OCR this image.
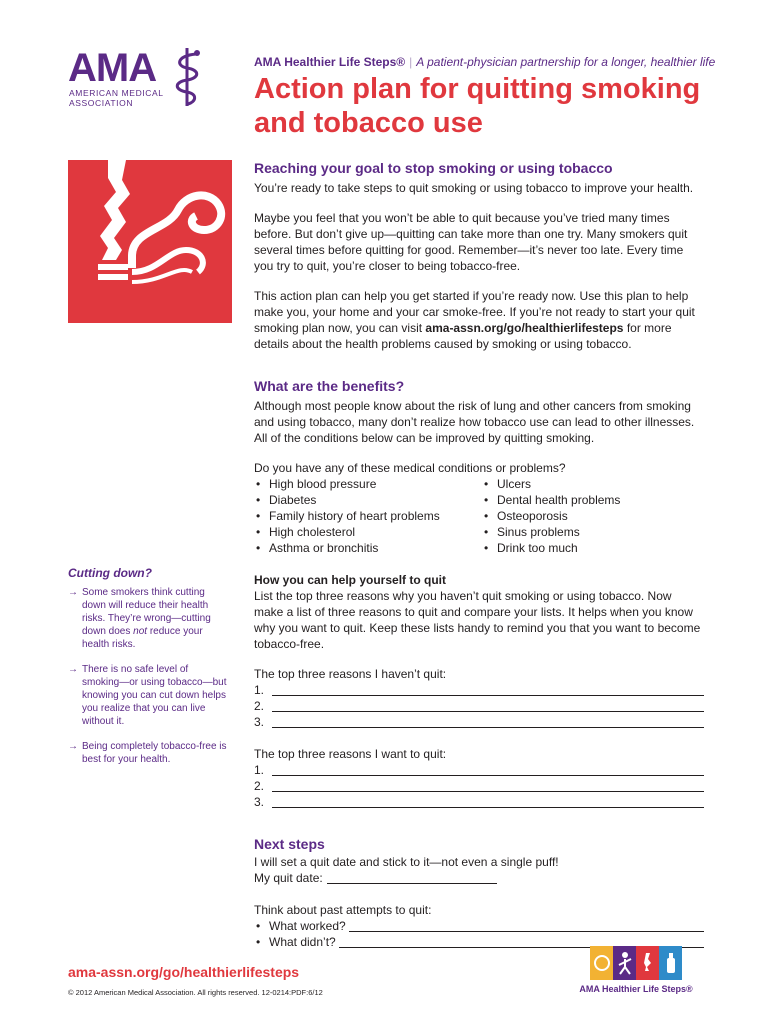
AMA
AMERICAN MEDICAL
ASSOCIATION
AMA Healthier Life Steps® | A patient-physician partnership for a longer, healthier life
Action plan for quitting smoking
and tobacco use
Reaching your goal to stop smoking or using tobacco

You’re ready to take steps to quit smoking or using tobacco to improve your health.

Maybe you feel that you won’t be able to quit because you’ve tried many times before. But don’t give up—quitting can take more than one try. Many smokers quit several times before quitting for good. Remember—it’s never too late. Every time you try to quit, you’re closer to being tobacco-free.

This action plan can help you get started if you’re ready now. Use this plan to help make you, your home and your car smoke-free. If you’re not ready to start your quit smoking plan now, you can visit ama-assn.org/go/healthierlifesteps for more details about the health problems caused by smoking or using tobacco.

What are the benefits?

Although most people know about the risk of lung and other cancers from smoking and using tobacco, many don’t realize how tobacco use can lead to other illnesses. All of the conditions below can be improved by quitting smoking.

Do you have any of these medical conditions or problems?

• High blood pressure
• Diabetes
• Family history of heart problems
• High cholesterol
• Asthma or bronchitis
• Ulcers
• Dental health problems
• Osteoporosis
• Sinus problems
• Drink too much
How you can help yourself to quit

List the top three reasons why you haven’t quit smoking or using tobacco. Now make a list of three reasons to quit and compare your lists. It helps when you know why you want to quit. Keep these lists handy to remind you that you want to become tobacco-free.

The top three reasons I haven’t quit:

1.
2.
3.

The top three reasons I want to quit:

1.
2.
3.
Next steps

I will set a quit date and stick to it—not even a single puff!

My quit date:

Think about past attempts to quit:

• What worked?
• What didn’t?
Cutting down?
→ Some smokers think cutting down will reduce their health risks. They’re wrong—cutting down does not reduce your health risks.
→ There is no safe level of smoking—or using tobacco—but knowing you can cut down helps you realize that you can live without it.
→ Being completely tobacco-free is best for your health.
ama-assn.org/go/healthierlifesteps
© 2012 American Medical Association. All rights reserved. 12-0214:PDF:6/12	AMA Healthier Life Steps®
